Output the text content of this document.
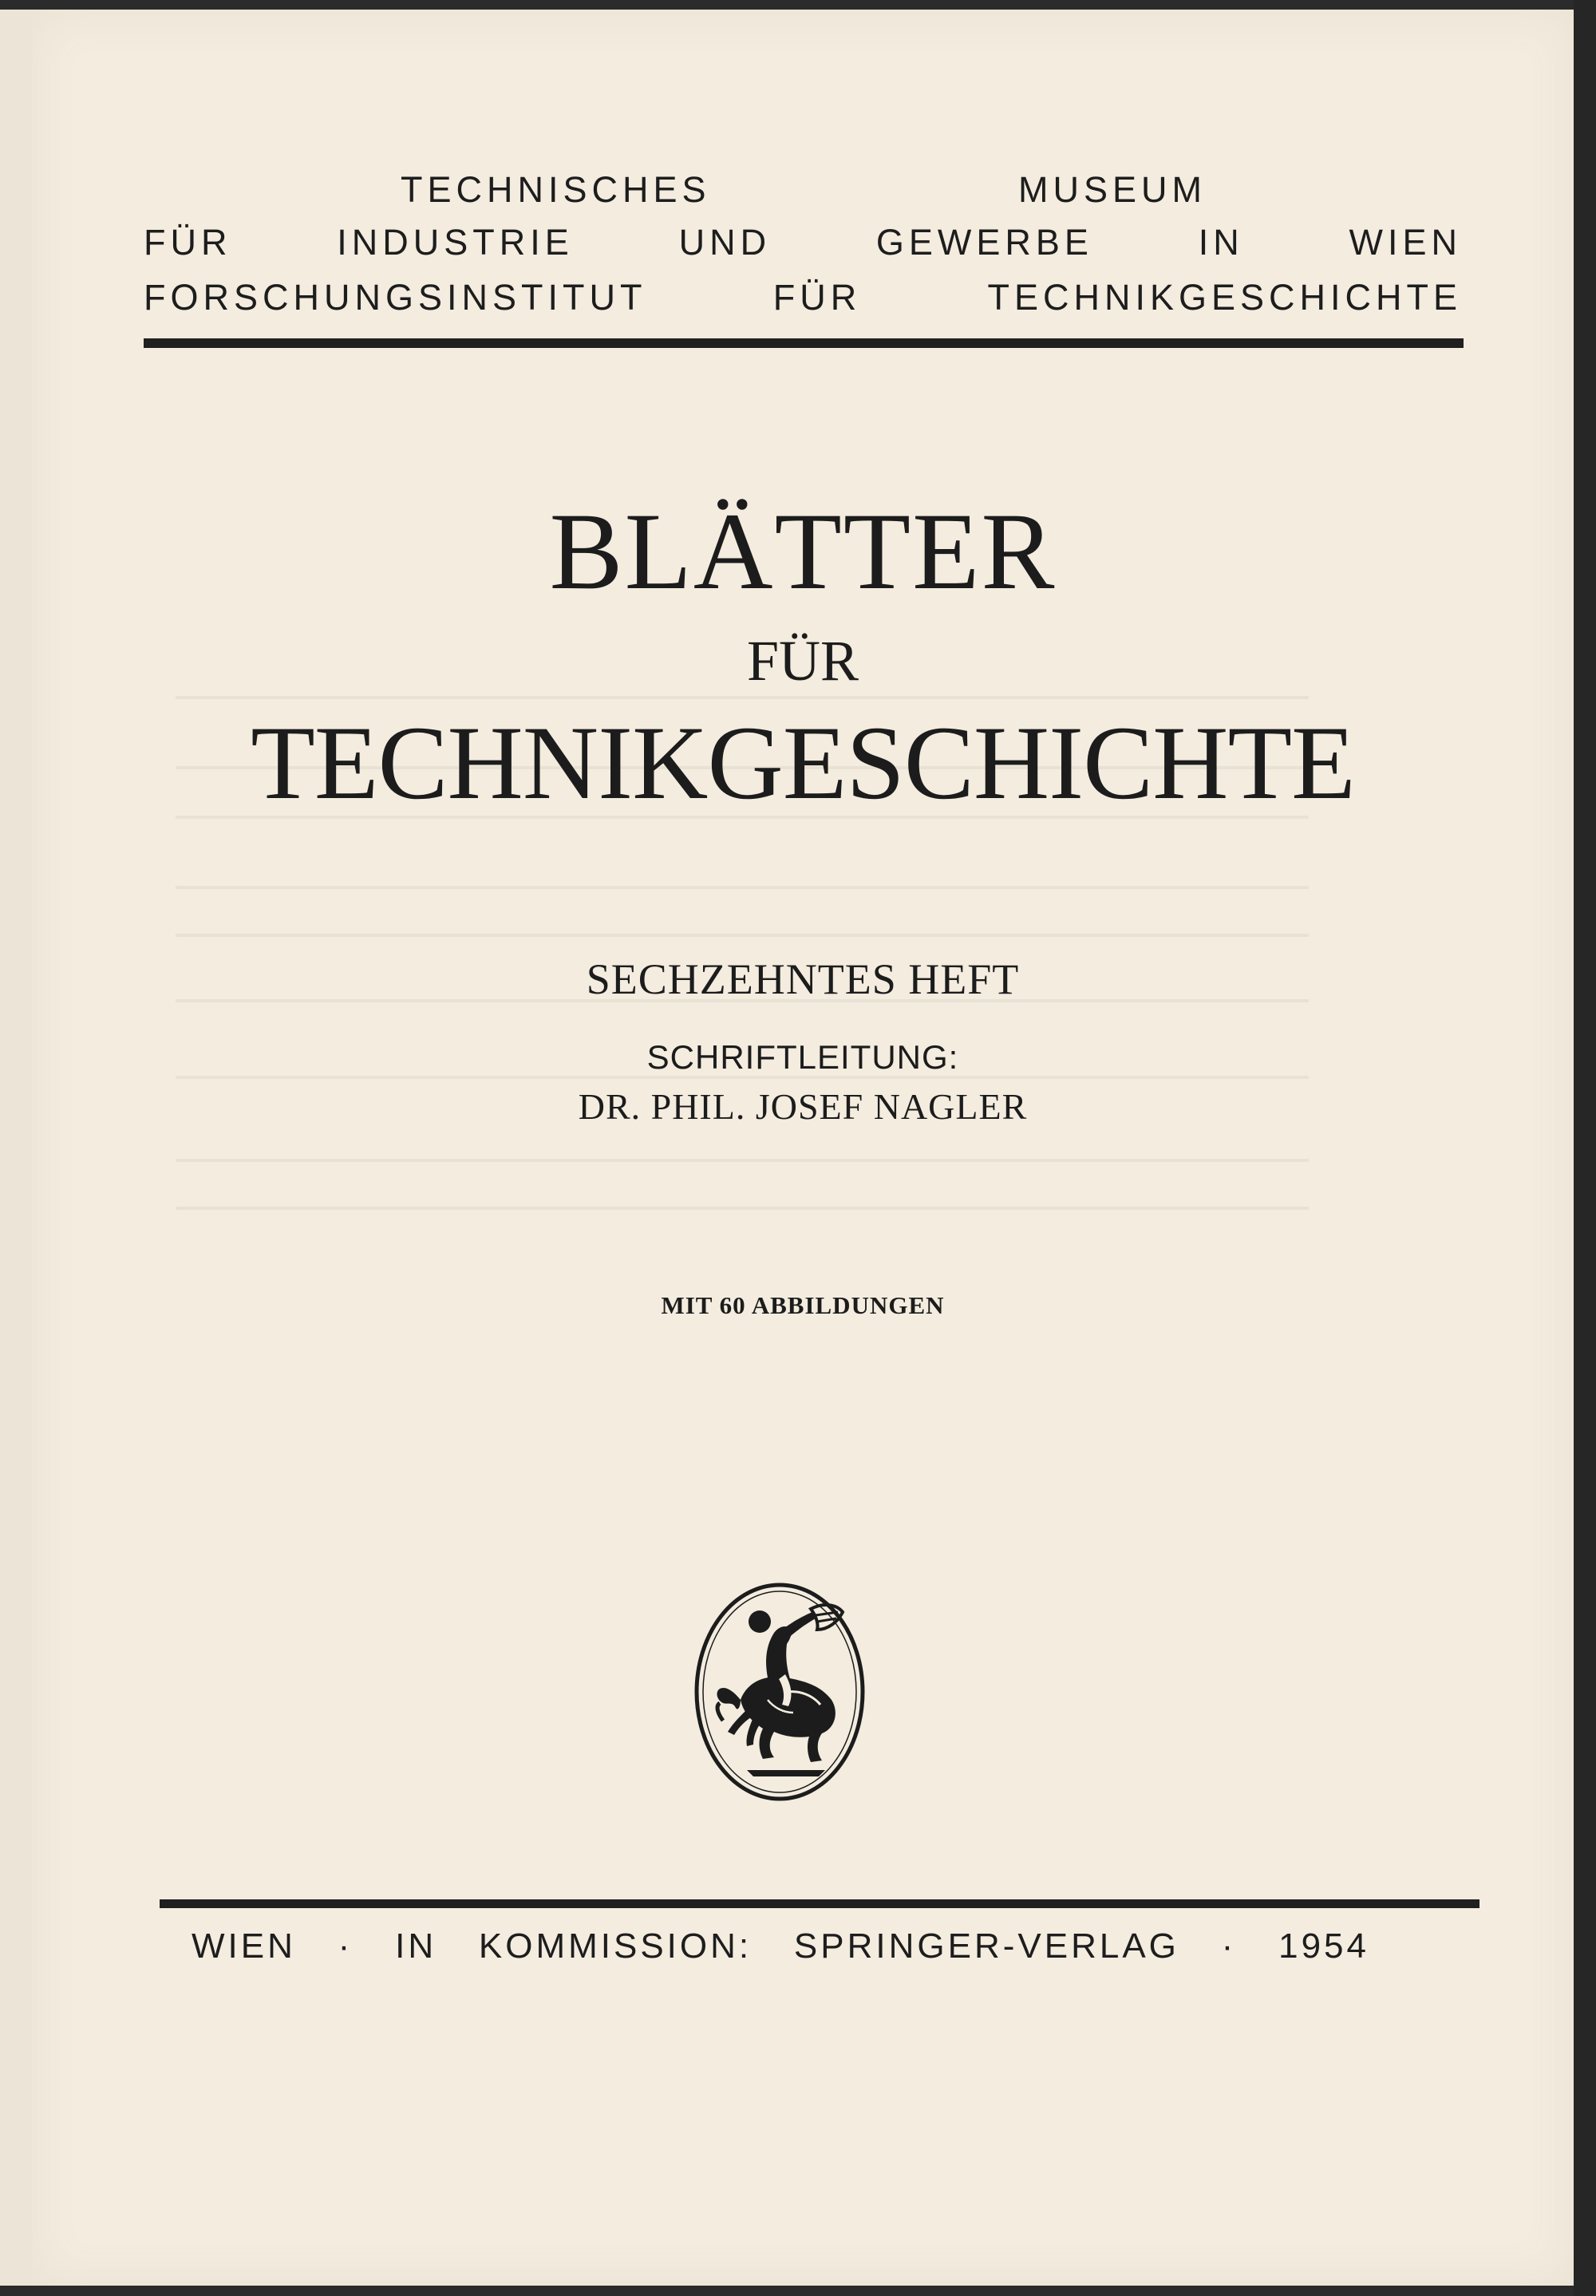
TECHNISCHES MUSEUM
FÜR INDUSTRIE UND GEWERBE IN WIEN
FORSCHUNGSINSTITUT FÜR TECHNIKGESCHICHTE
BLÄTTER
FÜR
TECHNIKGESCHICHTE
SECHZEHNTES HEFT
SCHRIFTLEITUNG:
DR. PHIL. JOSEF NAGLER
MIT 60 ABBILDUNGEN
WIEN · IN KOMMISSION: SPRINGER-VERLAG · 1954
